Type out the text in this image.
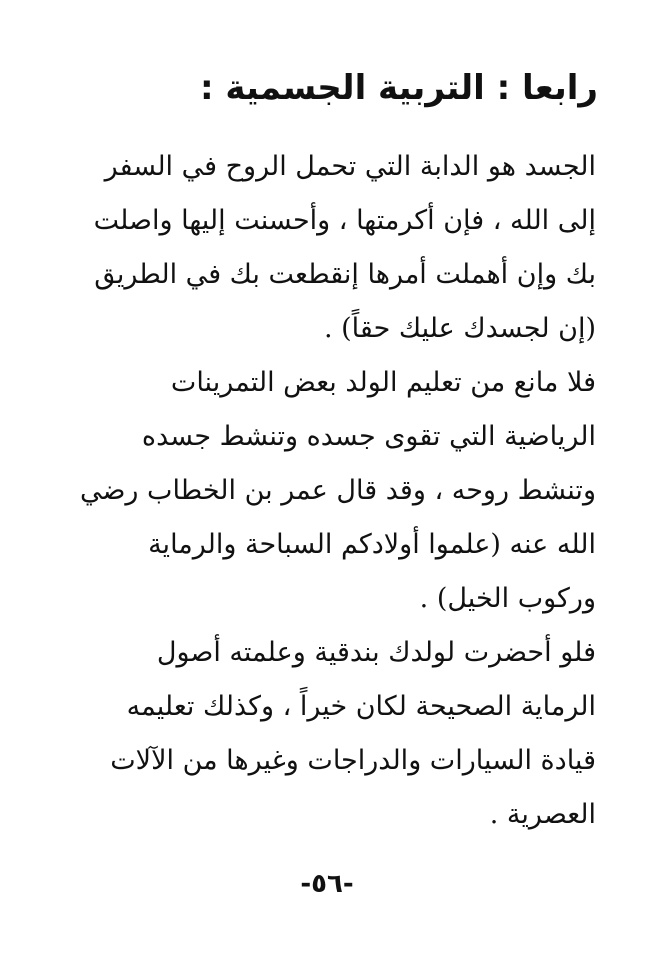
رابعا : التربية الجسمية :
الجسد هو الدابة التي تحمل الروح في السفر
إلى الله ، فإن أكرمتها ، وأحسنت إليها واصلت
بك وإن أهملت أمرها إنقطعت بك في الطريق
(إن لجسدك عليك حقاً) .
فلا مانع من تعليم الولد بعض التمرينات
الرياضية التي تقوى جسده وتنشط جسده
وتنشط روحه ، وقد قال عمر بن الخطاب رضي
الله عنه (علموا أولادكم السباحة والرماية
وركوب الخيل) .
فلو أحضرت لولدك بندقية وعلمته أصول
الرماية الصحيحة لكان خيراً ، وكذلك تعليمه
قيادة السيارات والدراجات وغيرها من الآلات
العصرية .
-٥٦-
